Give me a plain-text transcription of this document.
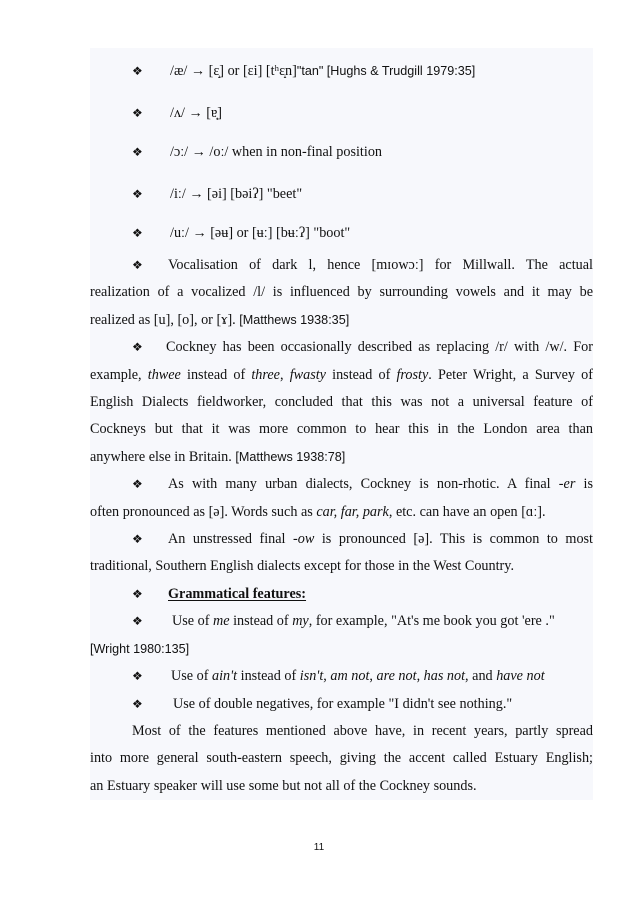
❖	/æ/ → [ɛ̝] or [ɛi] [tʰɛ̝n] "tan" [Hughs & Trudgill 1979:35]
❖	/ʌ/ → [ɐ̟]
❖	/ɔː/ → /oː/ when in non-final position
❖	/iː/ → [əi] [bəiʔ] "beet"
❖	/uː/ → [əʉ] or [ʉː] [bʉːʔ] "boot"
❖ Vocalisation of dark l, hence [mɪowɔː] for Millwall. The actual
realization of a vocalized /l/ is influenced by surrounding vowels and it may be
realized as [u], [o], or [ɤ]. [Matthews 1938:35]
❖ Cockney has been occasionally described as replacing /r/ with /w/. For
example, thwee instead of three, fwasty instead of frosty. Peter Wright, a Survey of
English Dialects fieldworker, concluded that this was not a universal feature of
Cockneys but that it was more common to hear this in the London area than
anywhere else in Britain. [Matthews 1938:78]
❖ As with many urban dialects, Cockney is non-rhotic. A final -er is
often pronounced as [ə]. Words such as car, far, park, etc. can have an open [ɑː].
❖ An unstressed final -ow is pronounced [ə]. This is common to most
traditional, Southern English dialects except for those in the West Country.
❖	Grammatical features:
❖ Use of me instead of my, for example, "At's me book you got 'ere ."
[Wright 1980:135]
❖	Use of ain't instead of isn't, am not, are not, has not, and have not
❖	Use of double negatives, for example "I didn't see nothing."
Most of the features mentioned above have, in recent years, partly spread
into more general south-eastern speech, giving the accent called Estuary English;
an Estuary speaker will use some but not all of the Cockney sounds.
11
